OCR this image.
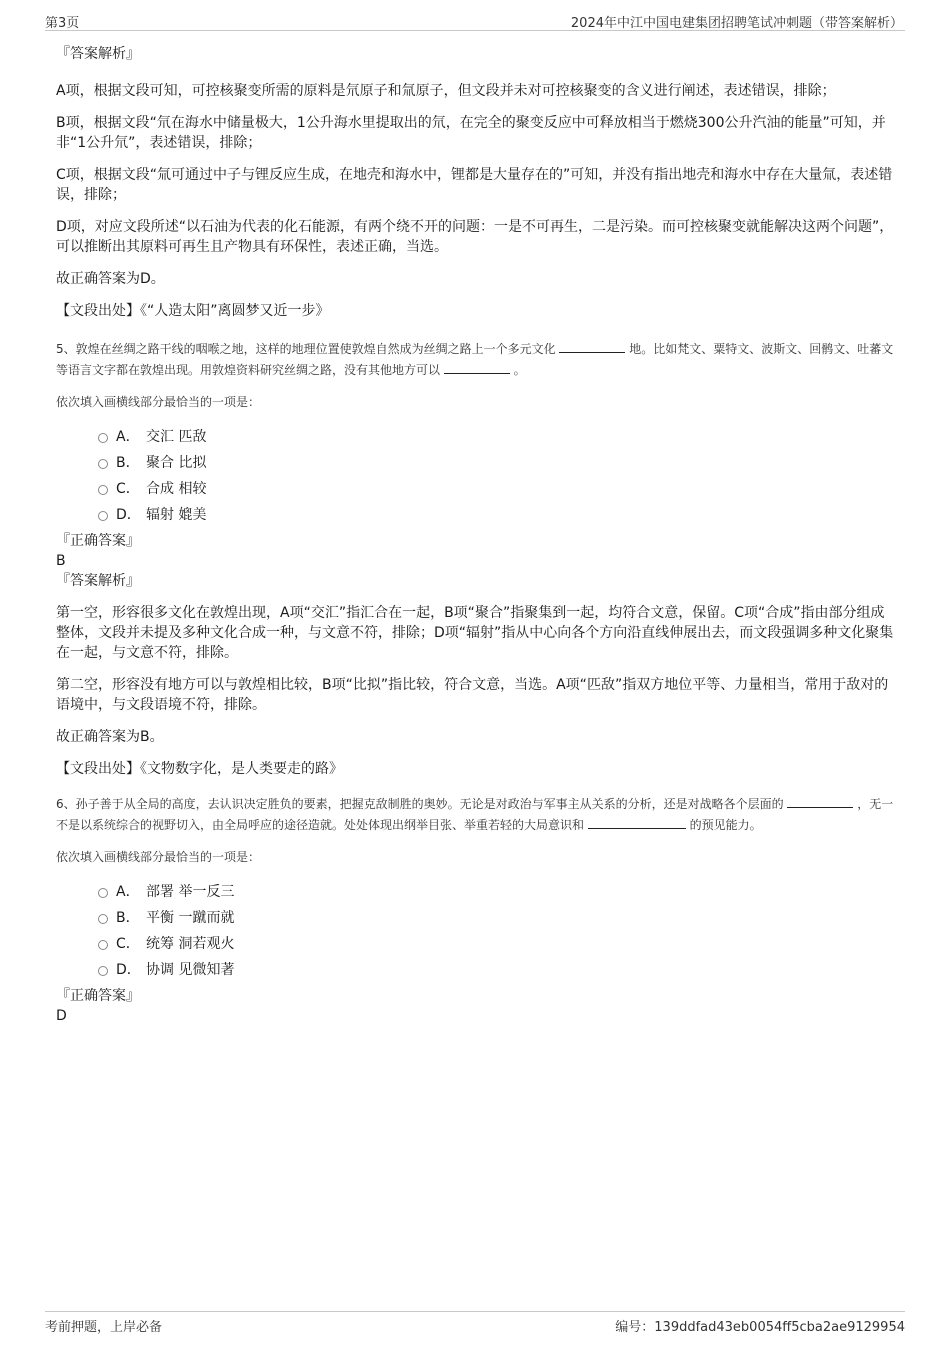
第3页	2024年中江中国电建集团招聘笔试冲刺题（带答案解析）

『答案解析』

A项，根据文段可知，可控核聚变所需的原料是氘原子和氚原子，但文段并未对可控核聚变的含义进行阐述，表述错误，排除；

B项，根据文段“氘在海水中储量极大，1公升海水里提取出的氘，在完全的聚变反应中可释放相当于燃烧300公升汽油的能量”可知，并非“1公升氘”，表述错误，排除；

C项，根据文段“氚可通过中子与锂反应生成，在地壳和海水中，锂都是大量存在的”可知，并没有指出地壳和海水中存在大量氚，表述错误，排除；

D项，对应文段所述“以石油为代表的化石能源，有两个绕不开的问题：一是不可再生，二是污染。而可控核聚变就能解决这两个问题”，可以推断出其原料可再生且产物具有环保性，表述正确，当选。

故正确答案为D。

【文段出处】《“人造太阳”离圆梦又近一步》

5、敦煌在丝绸之路干线的咽喉之地，这样的地理位置使敦煌自然成为丝绸之路上一个多元文化	地。比如梵文、粟特文、波斯文、回鹘文、吐蕃文等语言文字都在敦煌出现。用敦煌资料研究丝绸之路，没有其他地方可以	。

依次填入画横线部分最恰当的一项是：

A． 交汇 匹敌
B． 聚合 比拟
C． 合成 相较
D． 辐射 媲美

『正确答案』

B

『答案解析』

第一空，形容很多文化在敦煌出现，A项“交汇”指汇合在一起，B项“聚合”指聚集到一起，均符合文意，保留。C项“合成”指由部分组成整体，文段并未提及多种文化合成一种，与文意不符，排除；D项“辐射”指从中心向各个方向沿直线伸展出去，而文段强调多种文化聚集在一起，与文意不符，排除。

第二空，形容没有地方可以与敦煌相比较，B项“比拟”指比较，符合文意，当选。A项“匹敌”指双方地位平等、力量相当，常用于敌对的语境中，与文段语境不符，排除。

故正确答案为B。

【文段出处】《文物数字化，是人类要走的路》

6、孙子善于从全局的高度，去认识决定胜负的要素，把握克敌制胜的奥妙。无论是对政治与军事主从关系的分析，还是对战略各个层面的	，无一不是以系统综合的视野切入，由全局呼应的途径造就。处处体现出纲举目张、举重若轻的大局意识和	的预见能力。

依次填入画横线部分最恰当的一项是：

A． 部署 举一反三
B． 平衡 一蹴而就
C． 统筹 洞若观火
D． 协调 见微知著

『正确答案』

D

考前押题，上岸必备	编号：139ddfad43eb0054ff5cba2ae9129954
